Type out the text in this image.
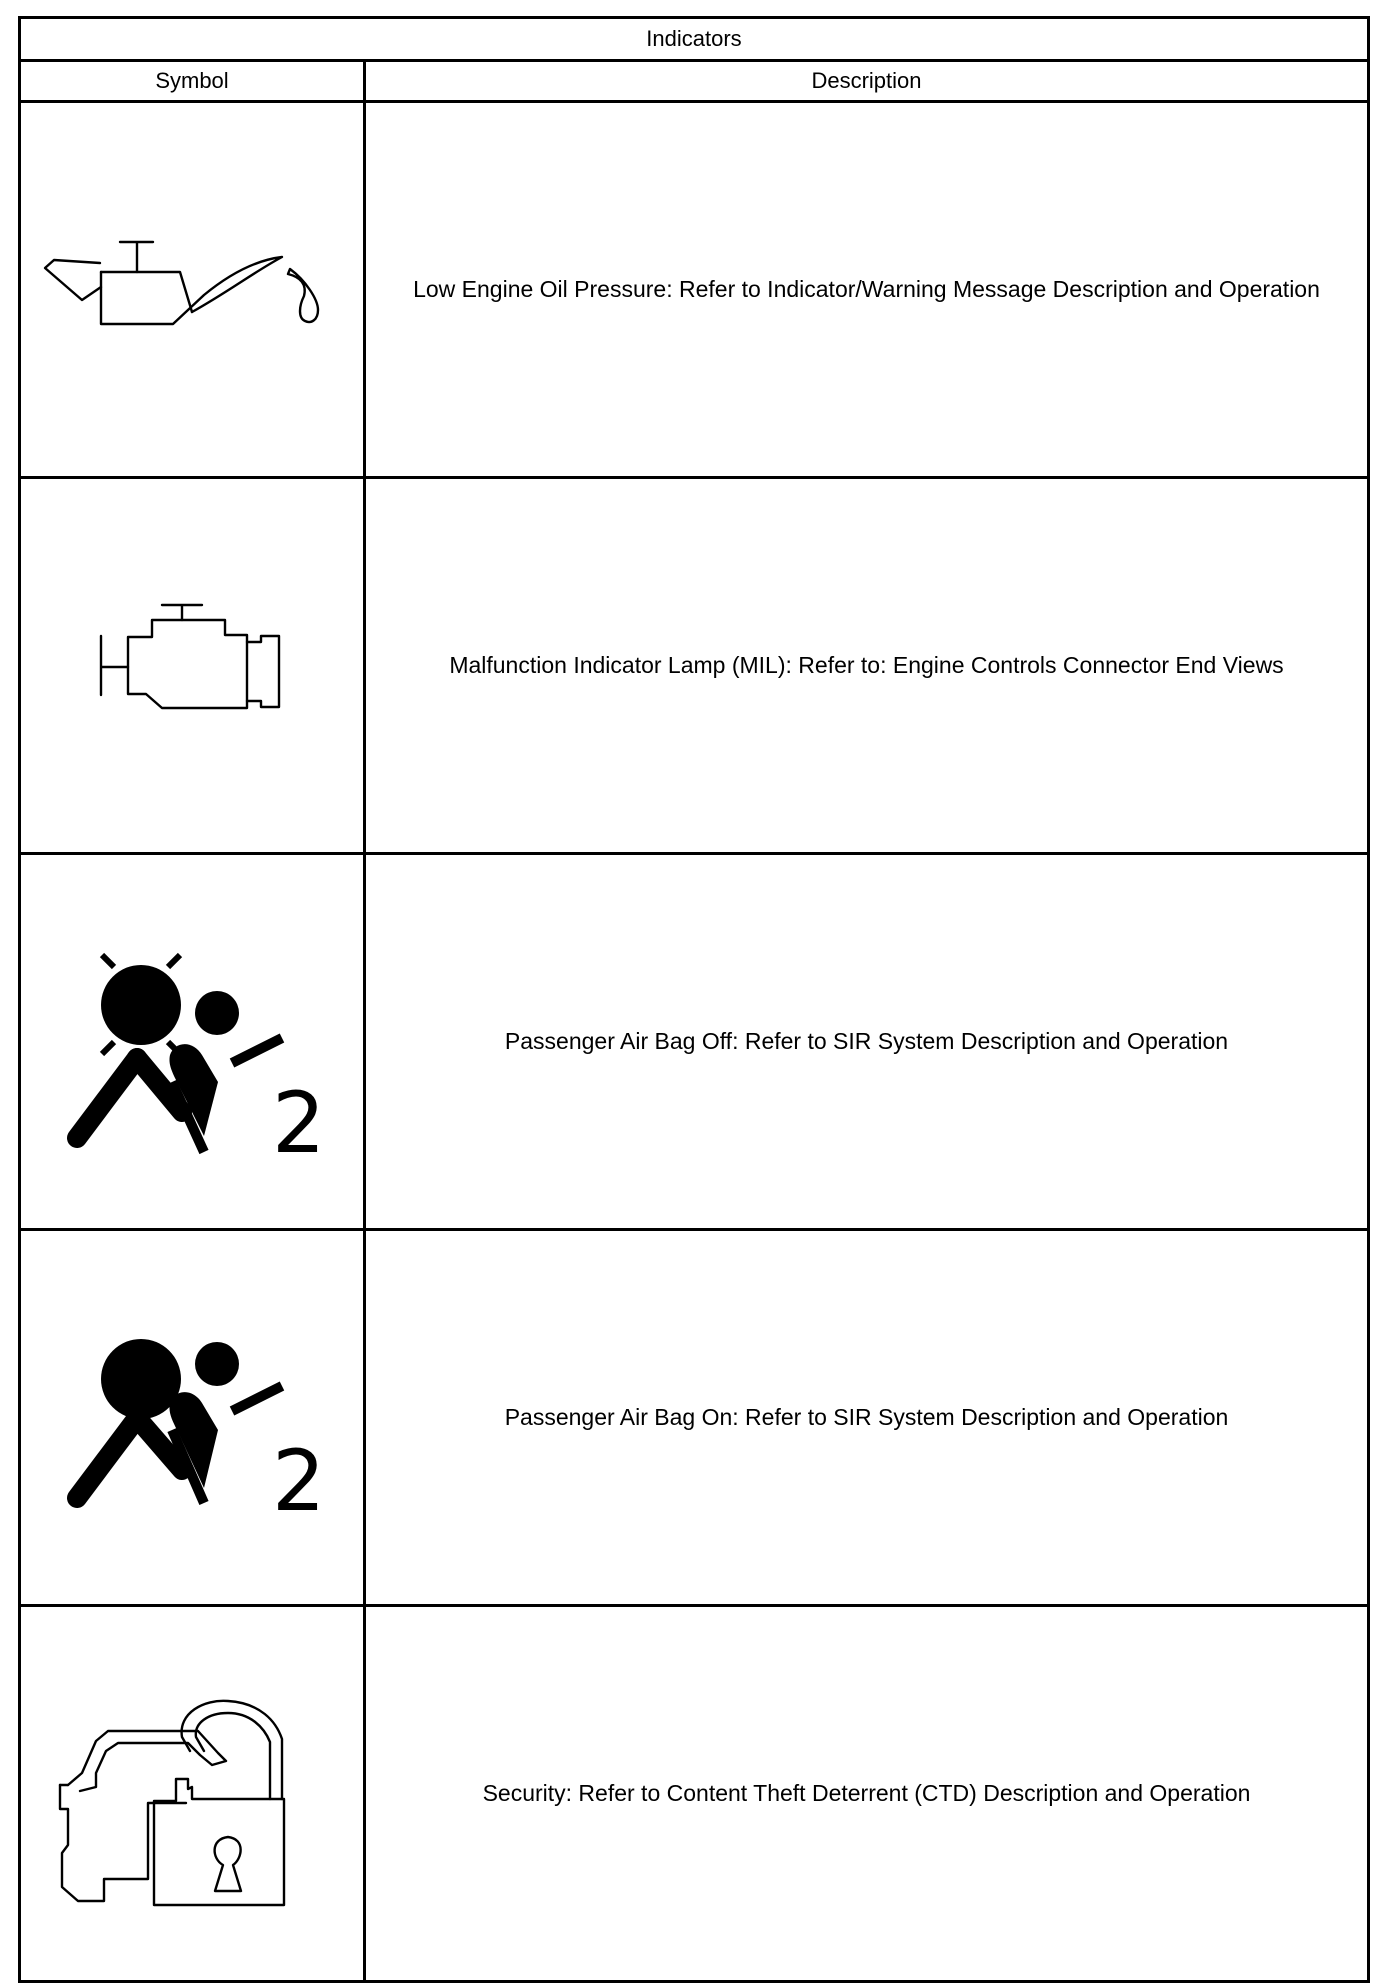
Indicators	
Symbol	Description

	Low Engine Oil Pressure: Refer to Indicator/Warning Message Description and Operation

	Malfunction Indicator Lamp (MIL): Refer to: Engine Controls Connector End Views

2	Passenger Air Bag Off: Refer to SIR System Description and Operation

2	Passenger Air Bag On: Refer to SIR System Description and Operation

	Security: Refer to Content Theft Deterrent (CTD) Description and Operation
